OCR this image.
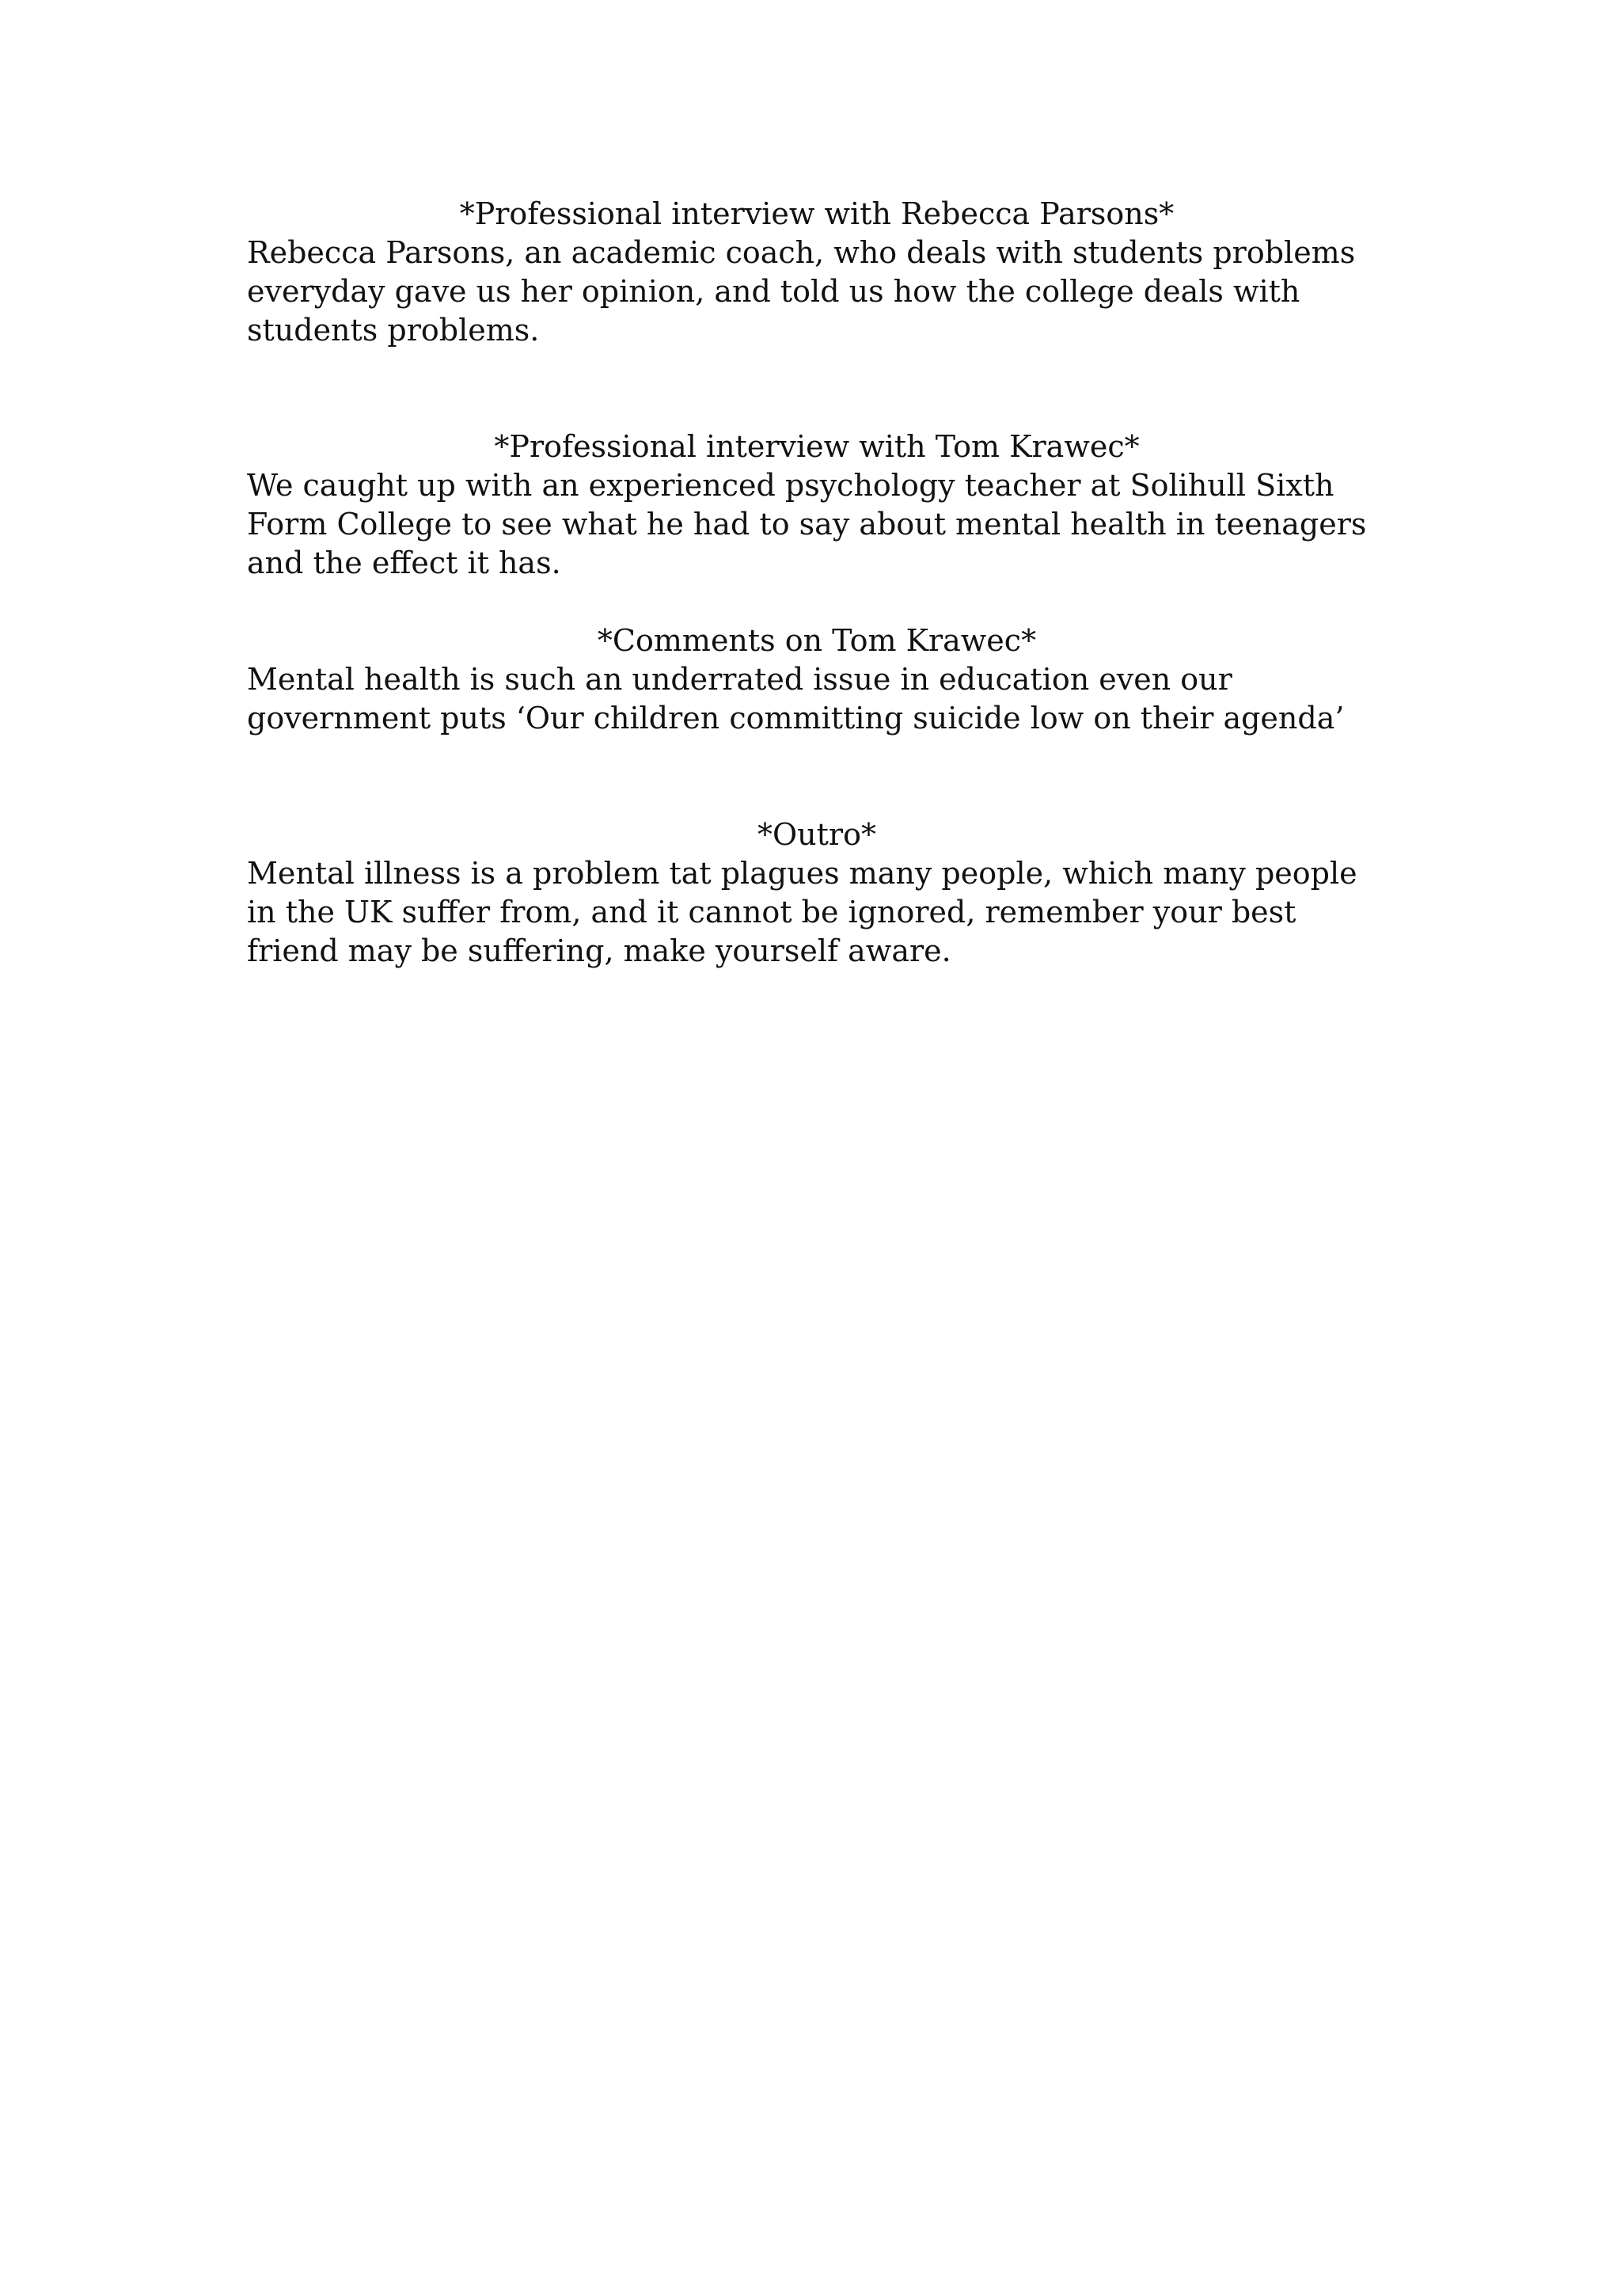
*Professional interview with Rebecca Parsons*

Rebecca Parsons, an academic coach, who deals with students problems everyday gave us her opinion, and told us how the college deals with students problems.

*Professional interview with Tom Krawec*

We caught up with an experienced psychology teacher at Solihull Sixth Form College to see what he had to say about mental health in teenagers and the effect it has.

*Comments on Tom Krawec*

Mental health is such an underrated issue in education even our government puts ‘Our children committing suicide low on their agenda’

*Outro*

Mental illness is a problem tat plagues many people, which many people in the UK suffer from, and it cannot be ignored, remember your best friend may be suffering, make yourself aware.
